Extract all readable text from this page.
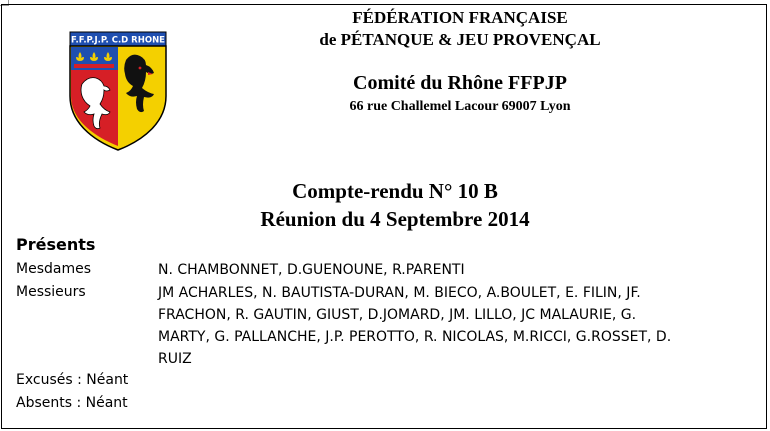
F.F.P.J.P. C.D RHONE
FÉDÉRATION FRANÇAISE
de PÉTANQUE & JEU PROVENÇAL
Comité du Rhône FFPJP
66 rue Challemel Lacour 69007 Lyon
Compte-rendu N° 10 B
Réunion du 4 Septembre 2014
Présents
Mesdames	N. CHAMBONNET, D.GUENOUNE, R.PARENTI
Messieurs	JM ACHARLES, N. BAUTISTA-DURAN, M. BIECO, A.BOULET, E. FILIN, JF.
FRACHON, R. GAUTIN, GIUST, D.JOMARD, JM. LILLO, JC MALAURIE, G.
MARTY, G. PALLANCHE, J.P. PEROTTO, R. NICOLAS, M.RICCI, G.ROSSET, D.
RUIZ
Excusés : Néant
Absents : Néant
